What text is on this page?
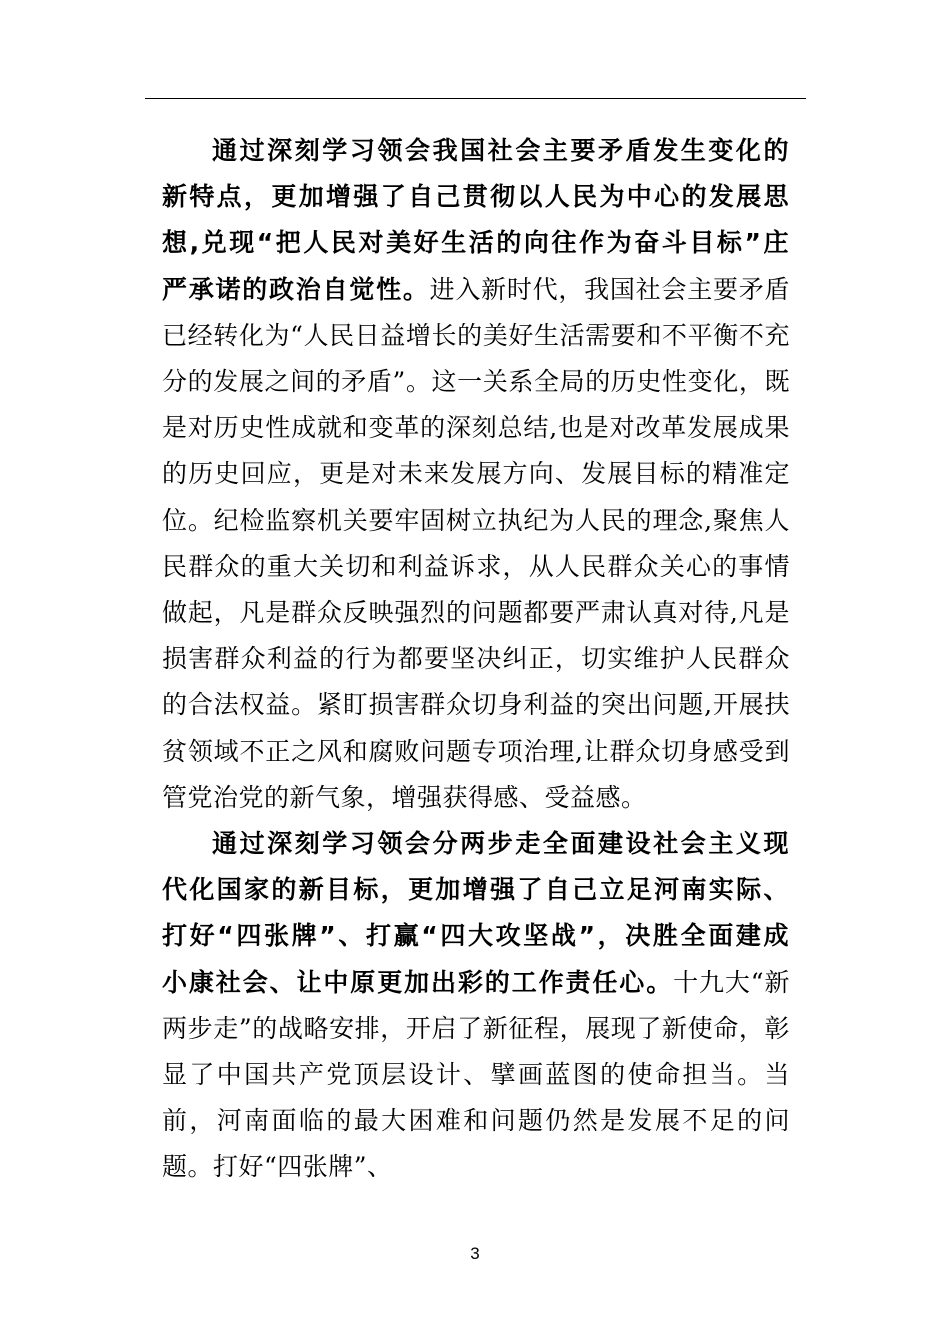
通过深刻学习领会我国社会主要矛盾发生变化的新特点，更加增强了自己贯彻以人民为中心的发展思想,兑现“把人民对美好生活的向往作为奋斗目标”庄严承诺的政治自觉性。进入新时代，我国社会主要矛盾已经转化为“人民日益增长的美好生活需要和不平衡不充分的发展之间的矛盾”。这一关系全局的历史性变化，既是对历史性成就和变革的深刻总结,也是对改革发展成果的历史回应，更是对未来发展方向、发展目标的精准定位。纪检监察机关要牢固树立执纪为人民的理念,聚焦人民群众的重大关切和利益诉求，从人民群众关心的事情做起，凡是群众反映强烈的问题都要严肃认真对待,凡是损害群众利益的行为都要坚决纠正，切实维护人民群众的合法权益。紧盯损害群众切身利益的突出问题,开展扶贫领域不正之风和腐败问题专项治理,让群众切身感受到管党治党的新气象，增强获得感、受益感。

通过深刻学习领会分两步走全面建设社会主义现代化国家的新目标，更加增强了自己立足河南实际、打好“四张牌”、打赢“四大攻坚战”，决胜全面建成小康社会、让中原更加出彩的工作责任心。十九大“新两步走”的战略安排，开启了新征程，展现了新使命，彰显了中国共产党顶层设计、擘画蓝图的使命担当。当前，河南面临的最大困难和问题仍然是发展不足的问题。打好“四张牌”、

3
